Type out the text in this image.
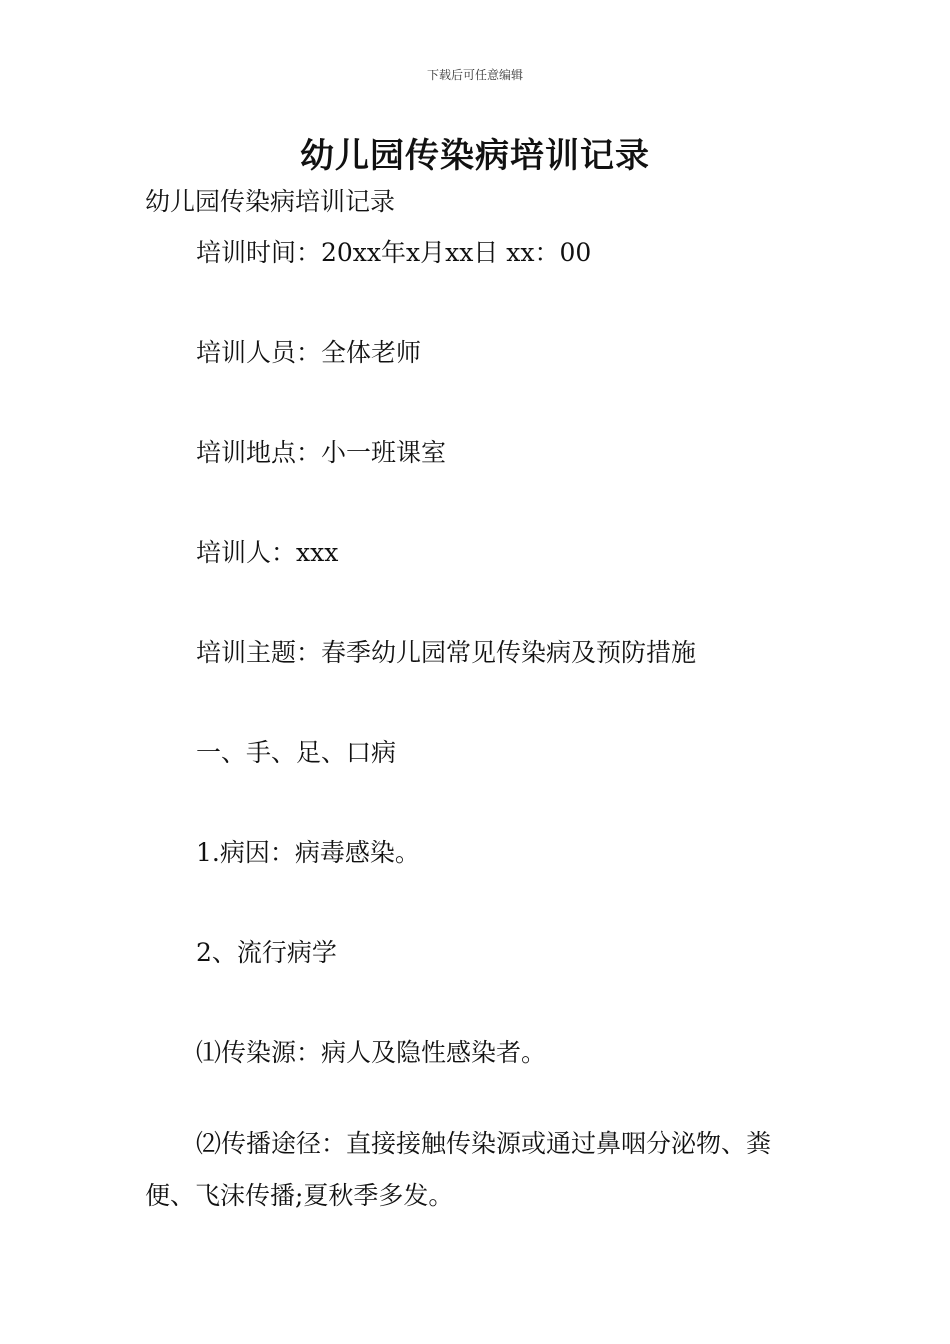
下载后可任意编辑
幼儿园传染病培训记录
幼儿园传染病培训记录
培训时间：20xx年x月xx日 xx：00
培训人员：全体老师
培训地点：小一班课室
培训人：xxx
培训主题：春季幼儿园常见传染病及预防措施
一、手、足、口病
1.病因：病毒感染。
2、流行病学
⑴传染源：病人及隐性感染者。
⑵传播途径：直接接触传染源或通过鼻咽分泌物、粪便、飞沫传播;夏秋季多发。
